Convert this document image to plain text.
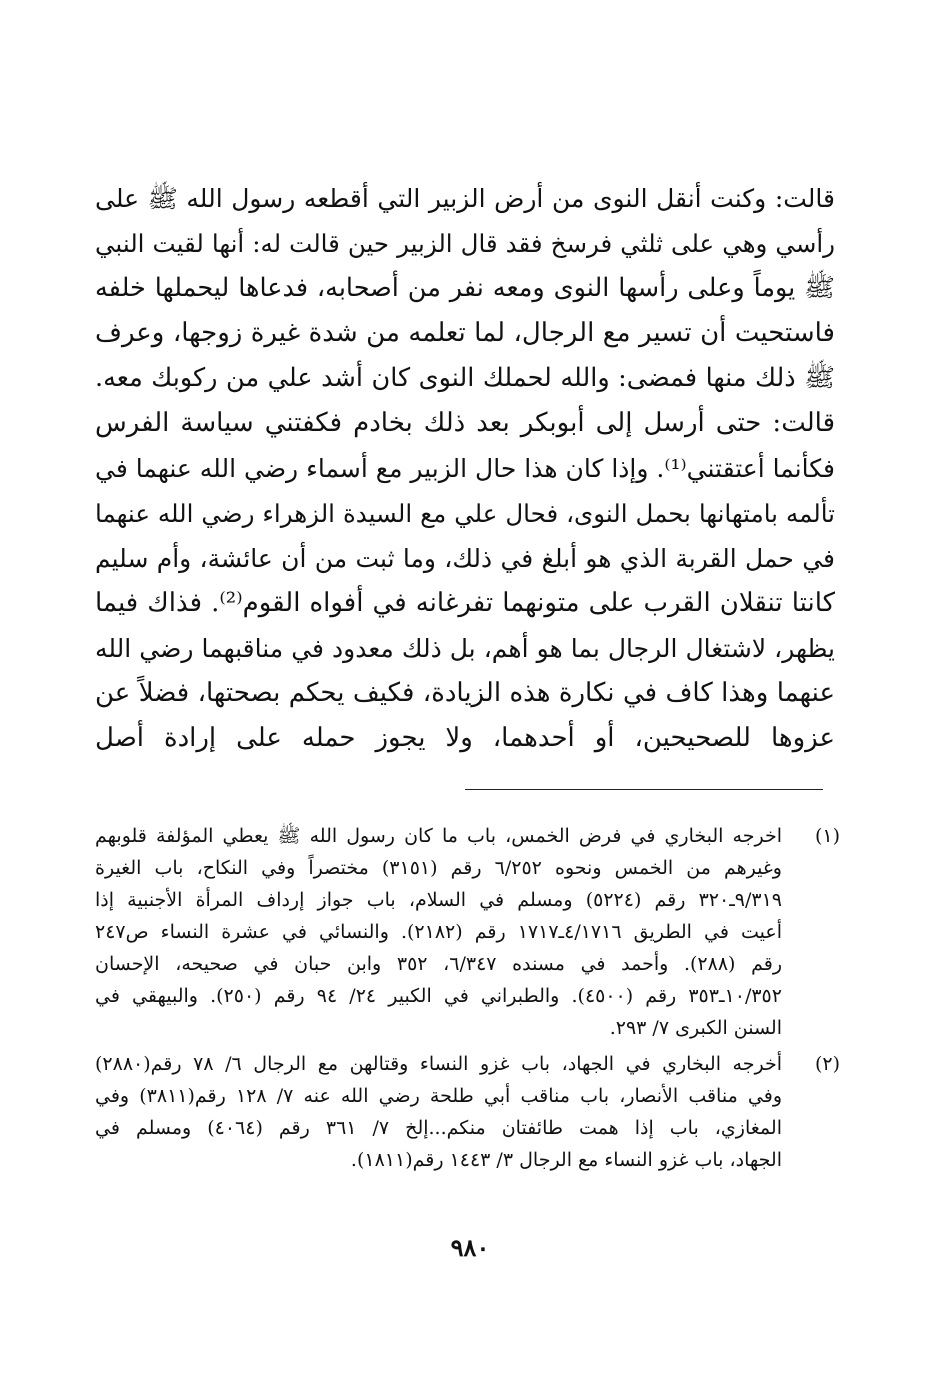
قالت: وكنت أنقل النوى من أرض الزبير التي أقطعه رسول الله ﷺ على
رأسي وهي على ثلثي فرسخ فقد قال الزبير حين قالت له: أنها لقيت النبي
ﷺ يوماً وعلى رأسها النوى ومعه نفر من أصحابه، فدعاها ليحملها خلفه
فاستحيت أن تسير مع الرجال، لما تعلمه من شدة غيرة زوجها، وعرف
ﷺ ذلك منها فمضى: والله لحملك النوى كان أشد علي من ركوبك معه.
قالت: حتى أرسل إلى أبوبكر بعد ذلك بخادم فكفتني سياسة الفرس
فكأنما أعتقتني⁽¹⁾. وإذا كان هذا حال الزبير مع أسماء رضي الله عنهما في
تألمه بامتهانها بحمل النوى، فحال علي مع السيدة الزهراء رضي الله عنهما
في حمل القربة الذي هو أبلغ في ذلك، وما ثبت من أن عائشة، وأم سليم
كانتا تنقلان القرب على متونهما تفرغانه في أفواه القوم⁽²⁾. فذاك فيما
يظهر، لاشتغال الرجال بما هو أهم، بل ذلك معدود في مناقبهما رضي الله
عنهما وهذا كاف في نكارة هذه الزيادة، فكيف يحكم بصحتها، فضلاً عن
عزوها للصحيحين، أو أحدهما، ولا يجوز حمله على إرادة أصل
(١)
اخرجه البخاري في فرض الخمس، باب ما كان رسول الله ﷺ يعطي المؤلفة قلوبهم
وغيرهم من الخمس ونحوه ٦/٢٥٢ رقم (٣١٥١) مختصراً وفي النكاح، باب الغيرة
٩/٣١٩ـ٣٢٠ رقم (٥٢٢٤) ومسلم في السلام، باب جواز إرداف المرأة الأجنبية إذا
أعيت في الطريق ٤/١٧١٦ـ١٧١٧ رقم (٢١٨٢). والنسائي في عشرة النساء ص٢٤٧
رقم (٢٨٨). وأحمد في مسنده ٦/٣٤٧، ٣٥٢ وابن حبان في صحيحه، الإحسان
١٠/٣٥٢ـ٣٥٣ رقم (٤٥٠٠). والطبراني في الكبير ٢٤/ ٩٤ رقم (٢٥٠). والبيهقي في
السنن الكبرى ٧/ ٢٩٣.
(٢)
أخرجه البخاري في الجهاد، باب غزو النساء وقتالهن مع الرجال ٦/ ٧٨ رقم(٢٨٨٠)
وفي مناقب الأنصار، باب مناقب أبي طلحة رضي الله عنه ٧/ ١٢٨ رقم(٣٨١١) وفي
المغازي، باب إذا همت طائفتان منكم...إلخ ٧/ ٣٦١ رقم (٤٠٦٤) ومسلم في
الجهاد، باب غزو النساء مع الرجال ٣/ ١٤٤٣ رقم(١٨١١).
٩٨٠
